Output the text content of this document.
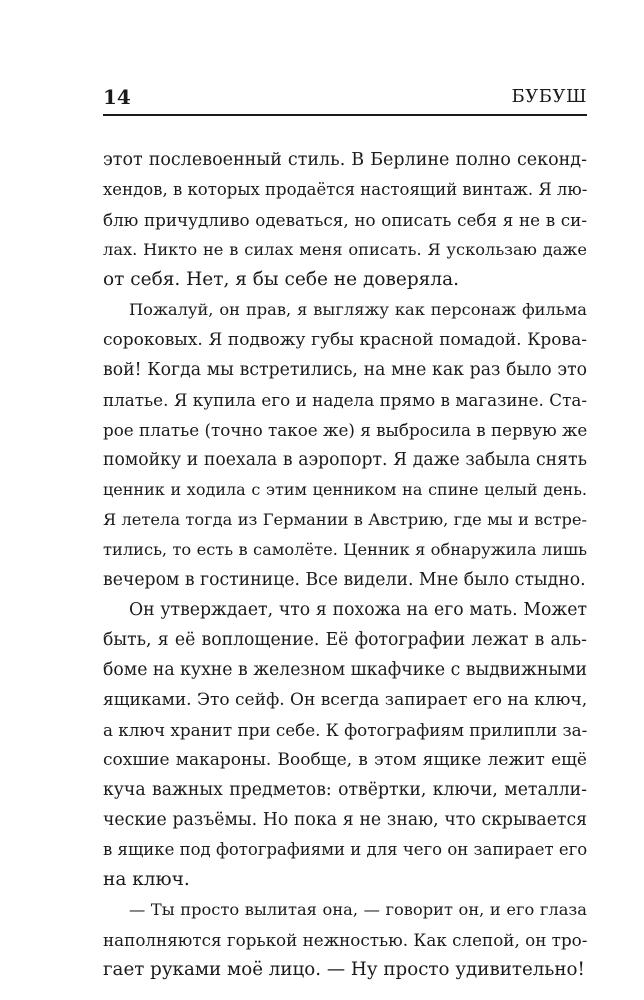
14	БУБУШ
этот послевоенный стиль. В Берлине полно секонд-
хендов, в которых продаётся настоящий винтаж. Я лю-
блю причудливо одеваться, но описать себя я не в си-
лах. Никто не в силах меня описать. Я ускользаю даже
от себя. Нет, я бы себе не доверяла.
Пожалуй, он прав, я выгляжу как персонаж фильма
сороковых. Я подвожу губы красной помадой. Крова-
вой! Когда мы встретились, на мне как раз было это
платье. Я купила его и надела прямо в магазине. Ста-
рое платье (точно такое же) я выбросила в первую же
помойку и поехала в аэропорт. Я даже забыла снять
ценник и ходила с этим ценником на спине целый день.
Я летела тогда из Германии в Австрию, где мы и встре-
тились, то есть в самолёте. Ценник я обнаружила лишь
вечером в гостинице. Все видели. Мне было стыдно.
Он утверждает, что я похожа на его мать. Может
быть, я её воплощение. Её фотографии лежат в аль-
боме на кухне в железном шкафчике с выдвижными
ящиками. Это сейф. Он всегда запирает его на ключ,
а ключ хранит при себе. К фотографиям прилипли за-
сохшие макароны. Вообще, в этом ящике лежит ещё
куча важных предметов: отвёртки, ключи, металли-
ческие разъёмы. Но пока я не знаю, что скрывается
в ящике под фотографиями и для чего он запирает его
на ключ.
— Ты просто вылитая она, — говорит он, и его глаза
наполняются горькой нежностью. Как слепой, он тро-
гает руками моё лицо. — Ну просто удивительно!
